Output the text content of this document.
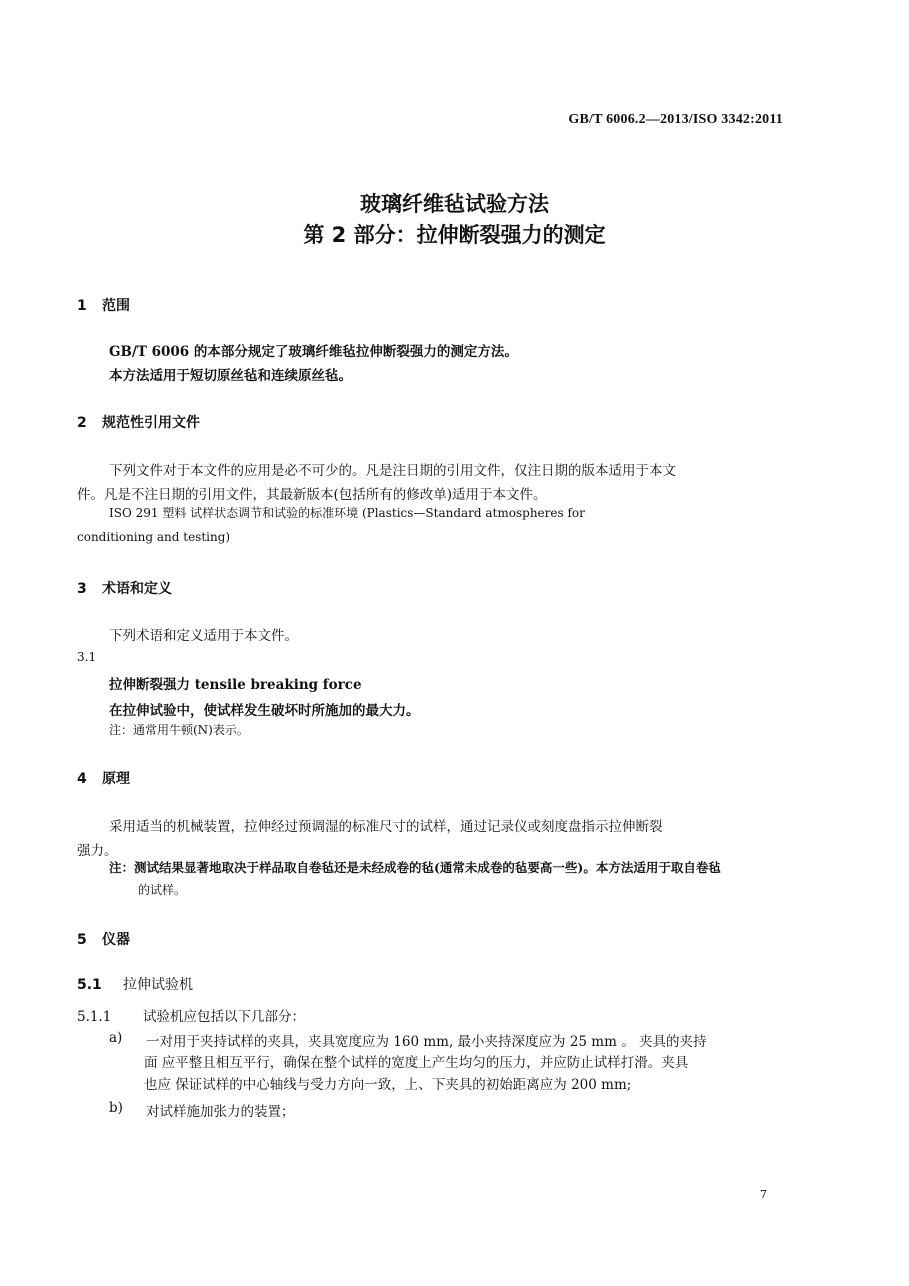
GB/T 6006.2—2013/ISO 3342:2011
玻璃纤维毡试验方法
第 2 部分：拉伸断裂强力的测定
1 范围
GB/T 6006 的本部分规定了玻璃纤维毡拉伸断裂强力的测定方法。
本方法适用于短切原丝毡和连续原丝毡。
2 规范性引用文件
下列文件对于本文件的应用是必不可少的。凡是注日期的引用文件，仅注日期的版本适用于本文
件。凡是不注日期的引用文件，其最新版本(包括所有的修改单)适用于本文件。
ISO 291 塑料 试样状态调节和试验的标准环境 (Plastics—Standard atmospheres for
conditioning and testing)
3 术语和定义
下列术语和定义适用于本文件。
3.1
拉伸断裂强力 tensile breaking force
在拉伸试验中，使试样发生破坏时所施加的最大力。
注：通常用牛顿(N)表示。
4 原理
采用适当的机械装置，拉伸经过预调湿的标准尺寸的试样，通过记录仪或刻度盘指示拉伸断裂
强力。
注：测试结果显著地取决于样品取自卷毡还是未经成卷的毡(通常未成卷的毡要高一些)。本方法适用于取自卷毡
的试样。
5 仪器
5.1 拉伸试验机
5.1.1 试验机应包括以下几部分：
a) 一对用于夹持试样的夹具，夹具宽度应为 160 mm, 最小夹持深度应为 25 mm 。 夹具的夹持
面 应平整且相互平行，确保在整个试样的宽度上产生均匀的压力，并应防止试样打滑。夹具
也应 保证试样的中心轴线与受力方向一致，上、下夹具的初始距离应为 200 mm;
b) 对试样施加张力的装置；
7
